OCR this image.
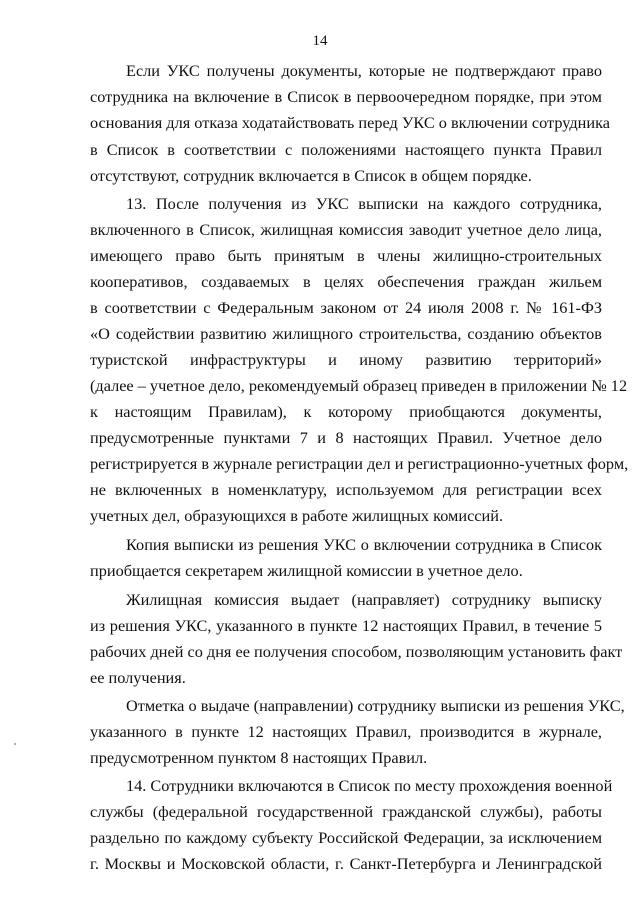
14
Если УКС получены документы, которые не подтверждают право
сотрудника на включение в Список в первоочередном порядке, при этом
основания для отказа ходатайствовать перед УКС о включении сотрудника
в Список в соответствии с положениями настоящего пункта Правил
отсутствуют, сотрудник включается в Список в общем порядке.
13. После получения из УКС выписки на каждого сотрудника,
включенного в Список, жилищная комиссия заводит учетное дело лица,
имеющего право быть принятым в члены жилищно-строительных
кооперативов, создаваемых в целях обеспечения граждан жильем
в соответствии с Федеральным законом от 24 июля 2008 г. № 161-ФЗ
«О содействии развитию жилищного строительства, созданию объектов
туристской инфраструктуры и иному развитию территорий»
(далее – учетное дело, рекомендуемый образец приведен в приложении № 12
к настоящим Правилам), к которому приобщаются документы,
предусмотренные пунктами 7 и 8 настоящих Правил. Учетное дело
регистрируется в журнале регистрации дел и регистрационно-учетных форм,
не включенных в номенклатуру, используемом для регистрации всех
учетных дел, образующихся в работе жилищных комиссий.
Копия выписки из решения УКС о включении сотрудника в Список
приобщается секретарем жилищной комиссии в учетное дело.
Жилищная комиссия выдает (направляет) сотруднику выписку
из решения УКС, указанного в пункте 12 настоящих Правил, в течение 5
рабочих дней со дня ее получения способом, позволяющим установить факт
ее получения.
Отметка о выдаче (направлении) сотруднику выписки из решения УКС,
указанного в пункте 12 настоящих Правил, производится в журнале,
предусмотренном пунктом 8 настоящих Правил.
14. Сотрудники включаются в Список по месту прохождения военной
службы (федеральной государственной гражданской службы), работы
раздельно по каждому субъекту Российской Федерации, за исключением
г. Москвы и Московской области, г. Санкт-Петербурга и Ленинградской
